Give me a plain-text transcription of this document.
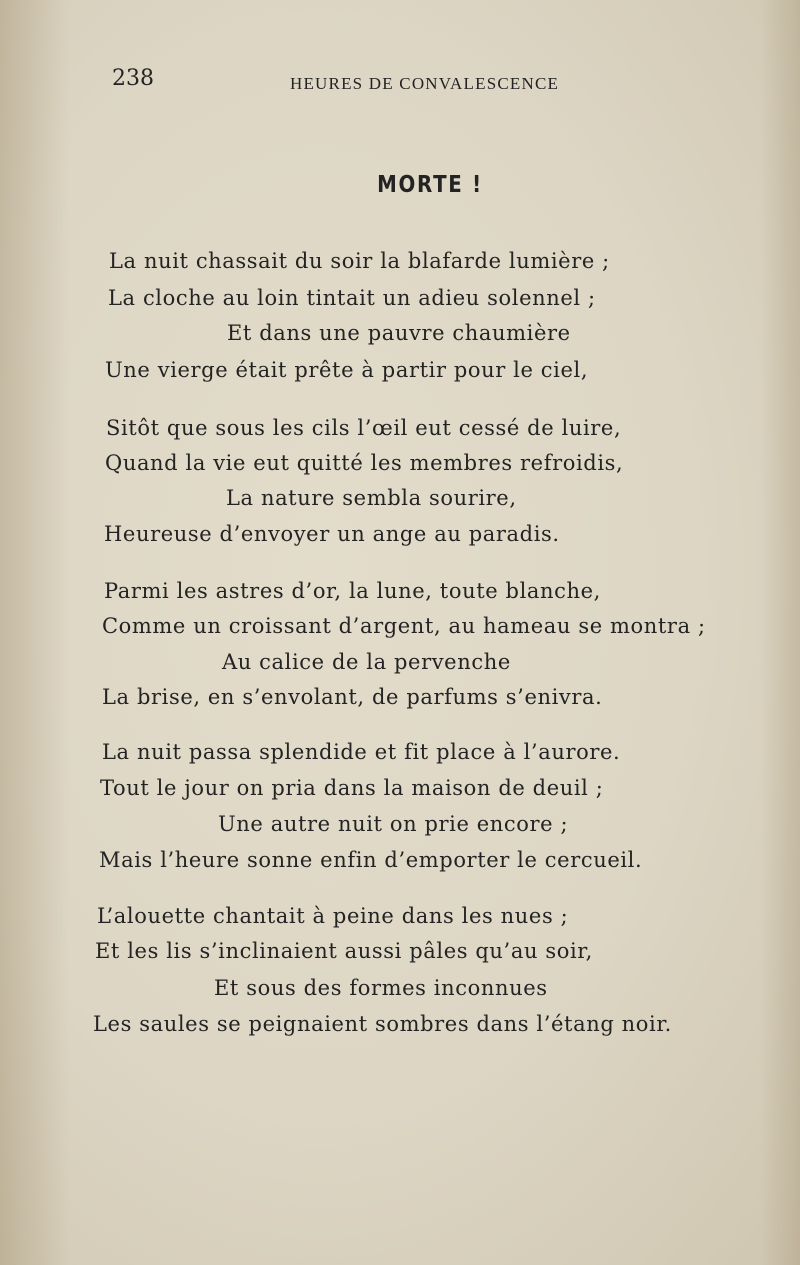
238	HEURES DE CONVALESCENCE
MORTE !
La nuit chassait du soir la blafarde lumière ;
La cloche au loin tintait un adieu solennel ;
Et dans une pauvre chaumière
Une vierge était prête à partir pour le ciel,
Sitôt que sous les cils l’œil eut cessé de luire,
Quand la vie eut quitté les membres refroidis,
La nature sembla sourire,
Heureuse d’envoyer un ange au paradis.
Parmi les astres d’or, la lune, toute blanche,
Comme un croissant d’argent, au hameau se montra ;
Au calice de la pervenche
La brise, en s’envolant, de parfums s’enivra.
La nuit passa splendide et fit place à l’aurore.
Tout le jour on pria dans la maison de deuil ;
Une autre nuit on prie encore ;
Mais l’heure sonne enfin d’emporter le cercueil.
L’alouette chantait à peine dans les nues ;
Et les lis s’inclinaient aussi pâles qu’au soir,
Et sous des formes inconnues
Les saules se peignaient sombres dans l’étang noir.
